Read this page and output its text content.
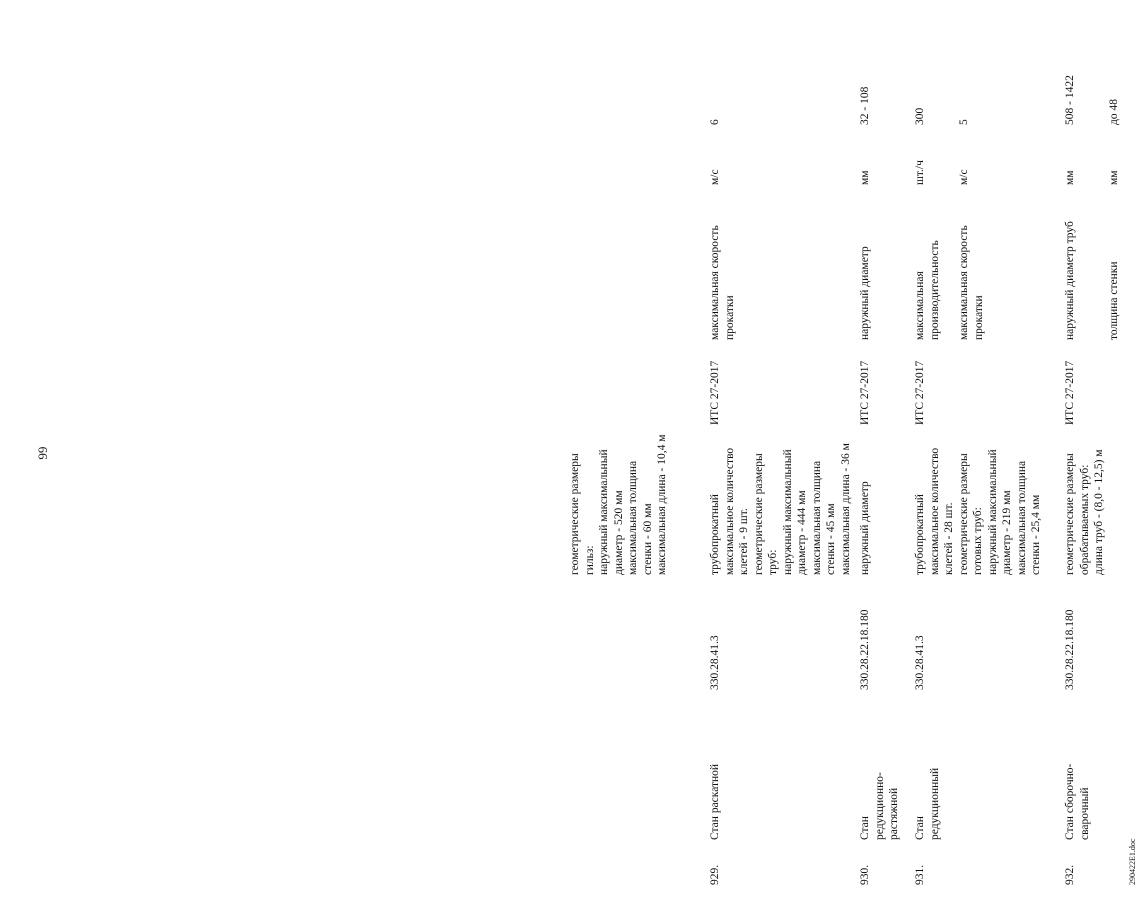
66
геометрические размеры
гильз:
наружный максимальный
диаметр - 520 мм
максимальная толщина
стенки - 60 мм
максимальная длина - 10,4 м
929.
Стан раскатной
330.28.41.3
трубопрокатный
максимальное количество
клетей - 9 шт.
геометрические размеры труб:
наружный максимальный
диаметр - 444 мм
максимальная толщина
стенки - 45 мм
максимальная длина - 36 м
ИТС 27-2017
максимальная скорость
прокатки
м/с
6
930.
Стан
редукционно-
растяжной
330.28.22.18.180
наружный диаметр
ИТС 27-2017
наружный диаметр
мм
32 - 108
931.
Стан
редукционный
330.28.41.3
трубопрокатный
максимальное количество
клетей - 28 шт.
геометрические размеры
готовых труб:
наружный максимальный
диаметр - 219 мм
максимальная толщина
стенки - 25,4 мм
ИТС 27-2017
максимальная
производительность
шт./ч
300
максимальная скорость
прокатки
м/с
5
932.
Стан сборочно-
сварочный
330.28.22.18.180
геометрические размеры
обрабатываемых труб:
длина труб - (8,0 - 12,5) м
ИТС 27-2017
наружный диаметр труб
мм
508 - 1422
толщина стенки
мм
до 48
290422E1.doc
